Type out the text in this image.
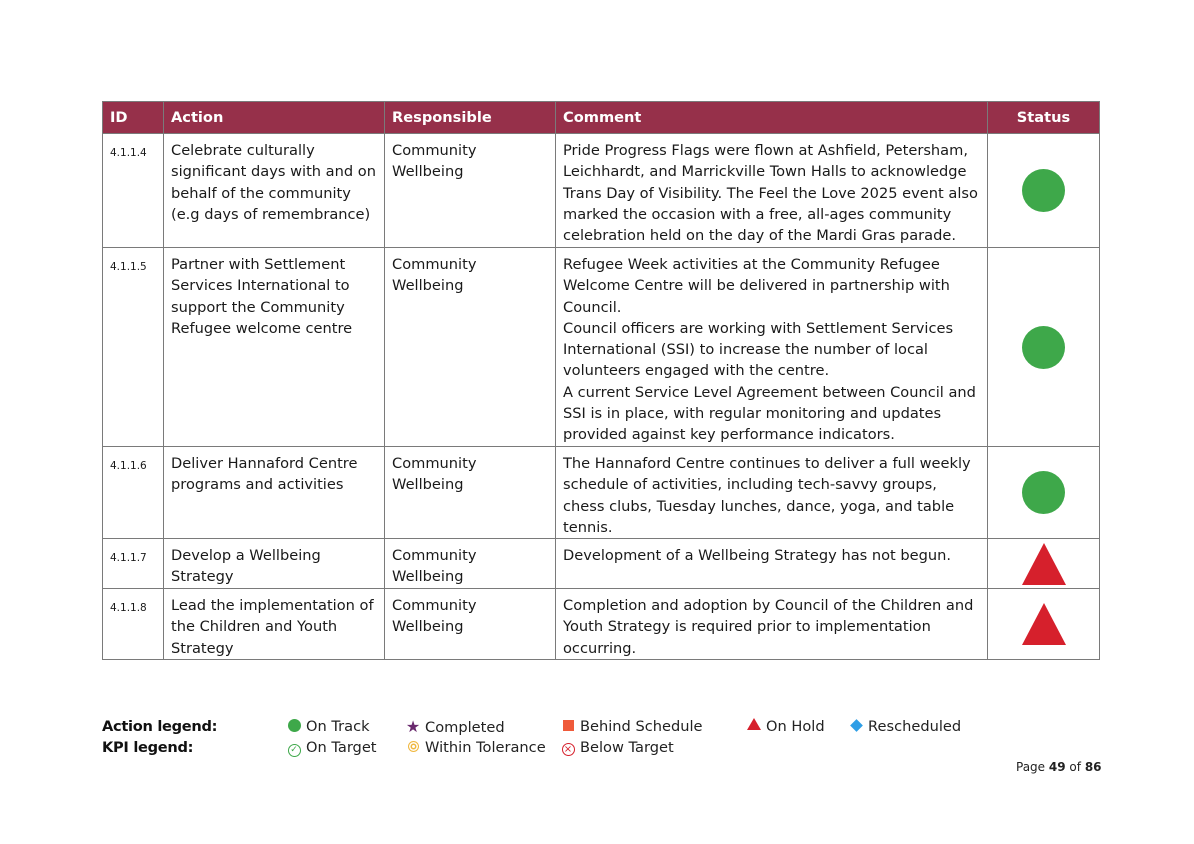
ID	Action	Responsible	Comment	Status
4.1.1.4	Celebrate culturally significant days with and on behalf of the community (e.g days of remembrance)	Community Wellbeing	Pride Progress Flags were flown at Ashfield, Petersham, Leichhardt, and Marrickville Town Halls to acknowledge Trans Day of Visibility. The Feel the Love 2025 event also marked the occasion with a free, all-ages community celebration held on the day of the Mardi Gras parade.	

4.1.1.5	Partner with Settlement Services International to support the Community Refugee welcome centre	Community Wellbeing	Refugee Week activities at the Community Refugee Welcome Centre will be delivered in partnership with Council.
Council officers are working with Settlement Services International (SSI) to increase the number of local volunteers engaged with the centre.
A current Service Level Agreement between Council and SSI is in place, with regular monitoring and updates provided against key performance indicators.	

4.1.1.6	Deliver Hannaford Centre programs and activities	Community Wellbeing	The Hannaford Centre continues to deliver a full weekly schedule of activities, including tech-savvy groups, chess clubs, Tuesday lunches, dance, yoga, and table tennis.	

4.1.1.7	Develop a Wellbeing Strategy	Community Wellbeing	Development of a Wellbeing Strategy has not begun.	

4.1.1.8	Lead the implementation of the Children and Youth Strategy	Community Wellbeing	Completion and adoption by Council of the Children and Youth Strategy is required prior to implementation occurring.	

Action legend:	On Track ★ Completed	Behind Schedule	On Hold	Rescheduled
KPI legend:	✓ On Target	Within Tolerance	× Below Target
Page 49 of 86
